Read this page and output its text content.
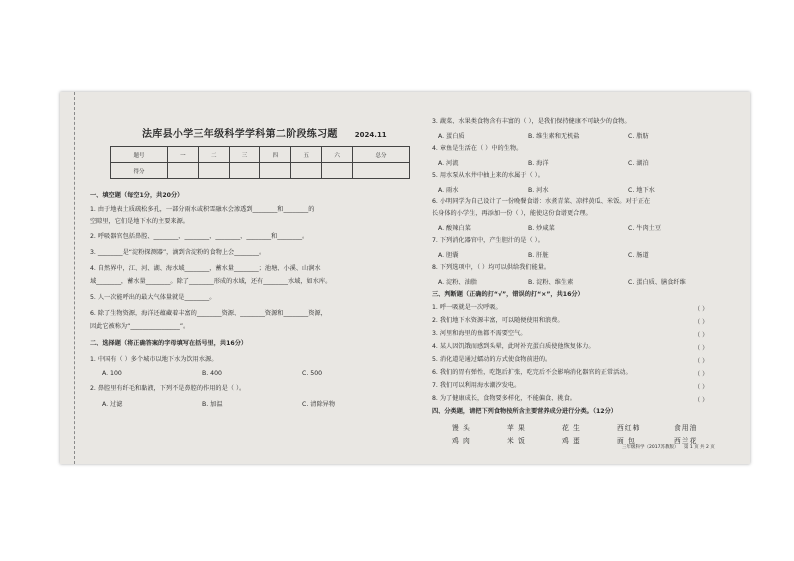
法库县小学三年级科学学科第二阶段练习题 2024.11
题号	一	二	三	四	五	六	总分
得分							
一、填空题（每空1分，共20分）
1. 由于地表土质疏松多孔，一部分雨水或积雪融水会渗透到________和________的
空隙里，它们是地下水的主要来源。
2. 呼吸器官包括鼻腔、________、________、________、________和________。
3. ________是“淀粉探测器”，滴到含淀粉的食物上会________。
4. 自然界中，江、河、湖、海水域________，蓄水量________；池塘、小溪、山涧水
域________，蓄水量________。除了________形成的水域，还有________水域，如水库。
5. 人一次能呼出的最大气体量就是________。
6. 除了生物资源，海洋还蕴藏着丰富的________资源、________资源和________资源，
因此它被称为“________________”。
二、选择题（将正确答案的字母填写在括号里，共16分）
1. 中国有（ ）多个城市以地下水为饮用水源。
A. 100	B. 400	C. 500
2. 鼻腔里有纤毛和黏液，下列不是鼻腔的作用的是（ ）。
A. 过滤	B. 加温	C. 清除异物
3. 蔬菜、水果类食物含有丰富的（ ），是我们保持健康不可缺少的食物。
A. 蛋白质	B. 维生素和无机盐	C. 脂肪
4. 章鱼是生活在（ ）中的生物。
A. 河流	B. 海洋	C. 湖泊
5. 用水泵从水井中抽上来的水属于（ ）。
A. 雨水	B. 河水	C. 地下水
6. 小明同学为自己设计了一份晚餐食谱：水煮青菜、凉拌黄瓜、米饭。对于正在
长身体的小学生，再添加一份（ ），能使这份食谱更合理。
A. 酸辣白菜	B. 炒咸菜	C. 牛肉土豆
7. 下列消化器官中，产生胆汁的是（ ）。
A. 胆囊	B. 肝脏	C. 肠道
8. 下列选项中，（ ）均可以供给我们能量。
A. 淀粉、油脂	B. 淀粉、维生素	C. 蛋白质、膳食纤维
三、判断题（正确的打“√”，错误的打“×”，共16分）
1. 呼一吸就是一次呼吸。	（ ）
2. 我们地下水资源丰富，可以随便使用和浪费。	（ ）
3. 河里和海里的鱼都不需要空气。	（ ）
4. 某人因饥饿而感到头晕，此时补充蛋白质使他恢复体力。	（ ）
5. 消化道是通过蠕动的方式使食物前进的。	（ ）
6. 我们的胃有弹性，吃饱后扩张，吃完后不会影响消化器官的正常活动。	（ ）
7. 我们可以利用海水潮汐发电。	（ ）
8. 为了健康成长，食物要多样化，不能偏食、挑食。	（ ）
四、分类题，请把下列食物按所含主要营养成分进行分类。（12分）
馒 头	苹 果	花 生	西红柿	食用油
鸡 肉	米 饭	鸡 蛋	面 包	西兰花
三年级科学（2017苏教版） 第 1 页 共 2 页
